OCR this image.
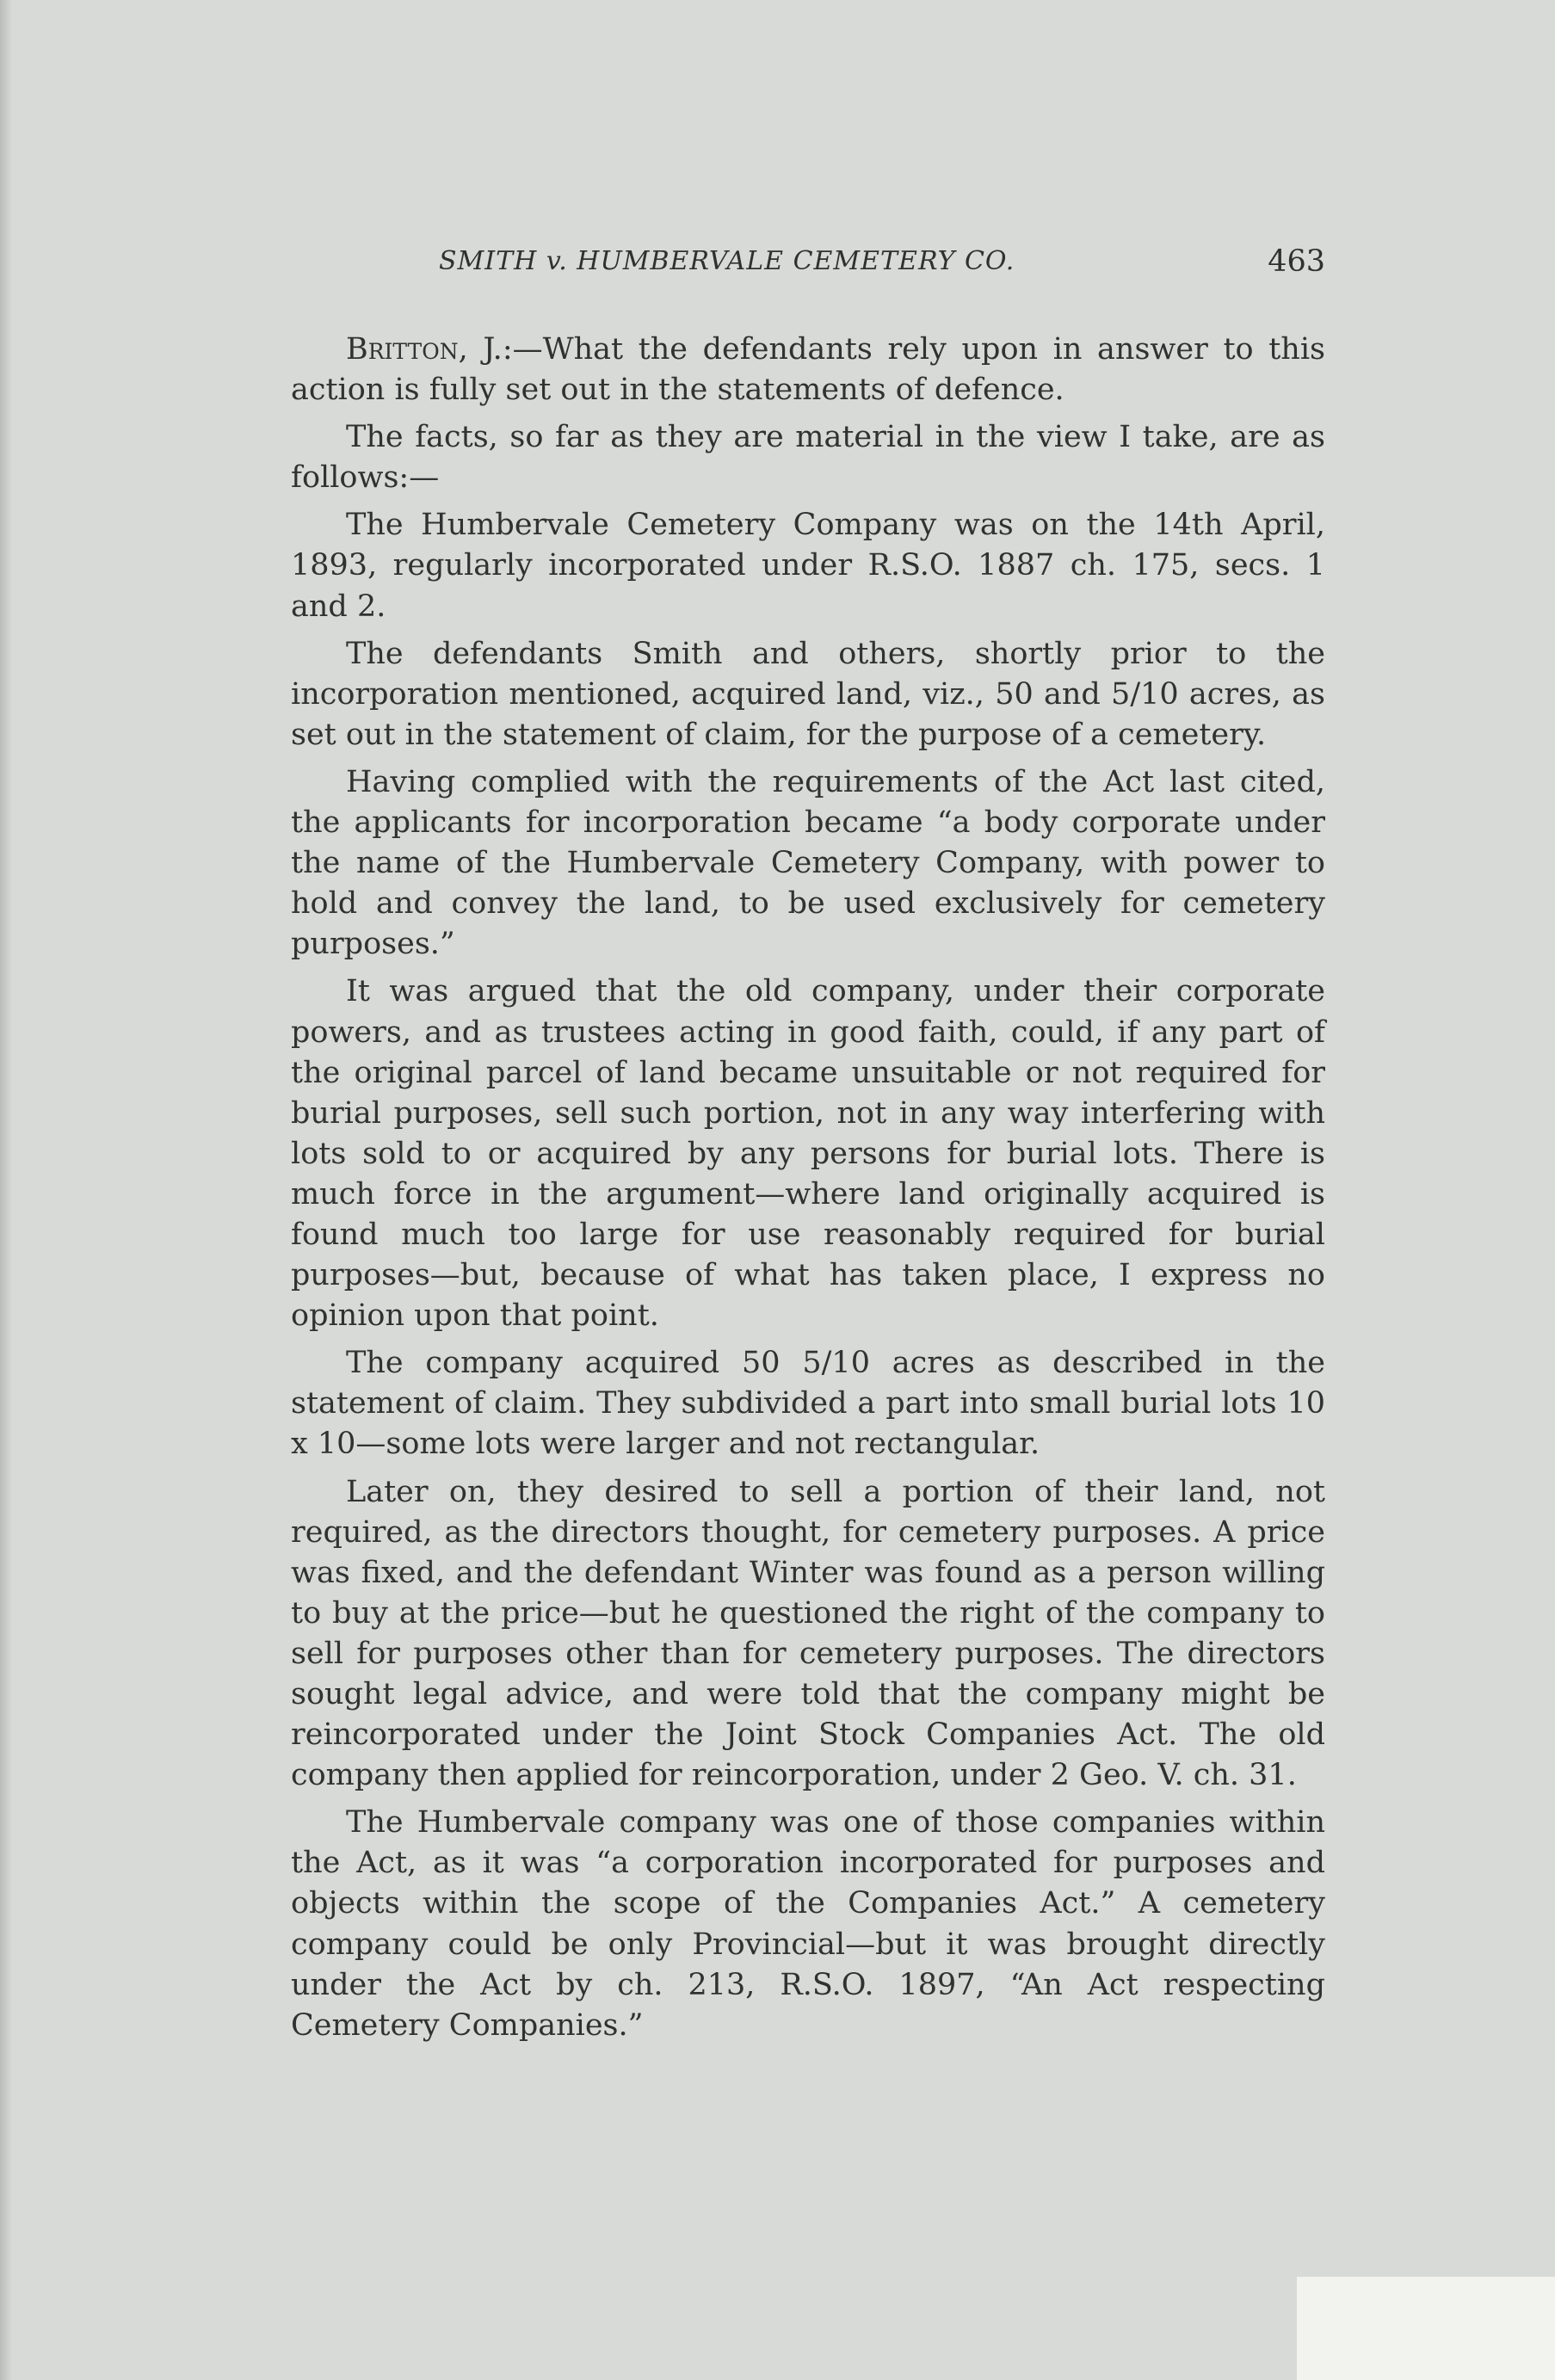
SMITH v. HUMBERVALE CEMETERY CO.	463

Britton, J.:—What the defendants rely upon in answer to this action is fully set out in the statements of defence.

The facts, so far as they are material in the view I take, are as follows:—

The Humbervale Cemetery Company was on the 14th April, 1893, regularly incorporated under R.S.O. 1887 ch. 175, secs. 1 and 2.

The defendants Smith and others, shortly prior to the incorporation mentioned, acquired land, viz., 50 and 5/10 acres, as set out in the statement of claim, for the purpose of a cemetery.

Having complied with the requirements of the Act last cited, the applicants for incorporation became “a body corporate under the name of the Humbervale Cemetery Company, with power to hold and convey the land, to be used exclusively for cemetery purposes.”

It was argued that the old company, under their corporate powers, and as trustees acting in good faith, could, if any part of the original parcel of land became unsuitable or not required for burial purposes, sell such portion, not in any way interfering with lots sold to or acquired by any persons for burial lots. There is much force in the argument—where land originally acquired is found much too large for use reasonably required for burial purposes—but, because of what has taken place, I express no opinion upon that point.

The company acquired 50 5/10 acres as described in the statement of claim. They subdivided a part into small burial lots 10 x 10—some lots were larger and not rectangular.

Later on, they desired to sell a portion of their land, not required, as the directors thought, for cemetery purposes. A price was fixed, and the defendant Winter was found as a person willing to buy at the price—but he questioned the right of the company to sell for purposes other than for cemetery purposes. The directors sought legal advice, and were told that the company might be reincorporated under the Joint Stock Companies Act. The old company then applied for reincorporation, under 2 Geo. V. ch. 31.

The Humbervale company was one of those companies within the Act, as it was “a corporation incorporated for purposes and objects within the scope of the Companies Act.” A cemetery company could be only Provincial—but it was brought directly under the Act by ch. 213, R.S.O. 1897, “An Act respecting Cemetery Companies.”
